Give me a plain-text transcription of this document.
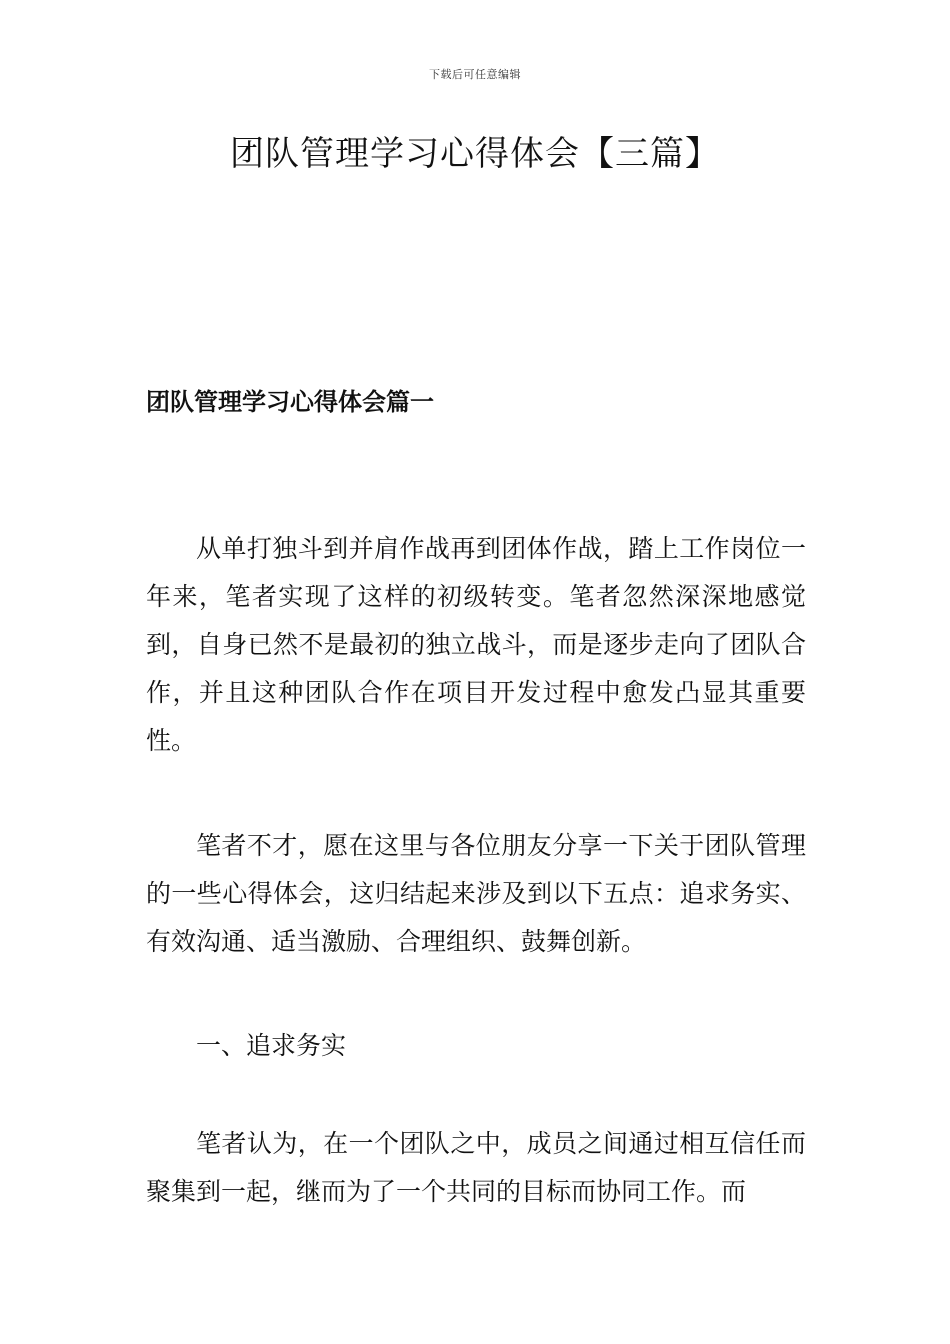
下载后可任意编辑
团队管理学习心得体会【三篇】
团队管理学习心得体会篇一

从单打独斗到并肩作战再到团体作战，踏上工作岗位一年来，笔者实现了这样的初级转变。笔者忽然深深地感觉到，自身已然不是最初的独立战斗，而是逐步走向了团队合作，并且这种团队合作在项目开发过程中愈发凸显其重要性。

笔者不才，愿在这里与各位朋友分享一下关于团队管理的一些心得体会，这归结起来涉及到以下五点：追求务实、有效沟通、适当激励、合理组织、鼓舞创新。

一、追求务实

笔者认为，在一个团队之中，成员之间通过相互信任而聚集到一起，继而为了一个共同的目标而协同工作。而
